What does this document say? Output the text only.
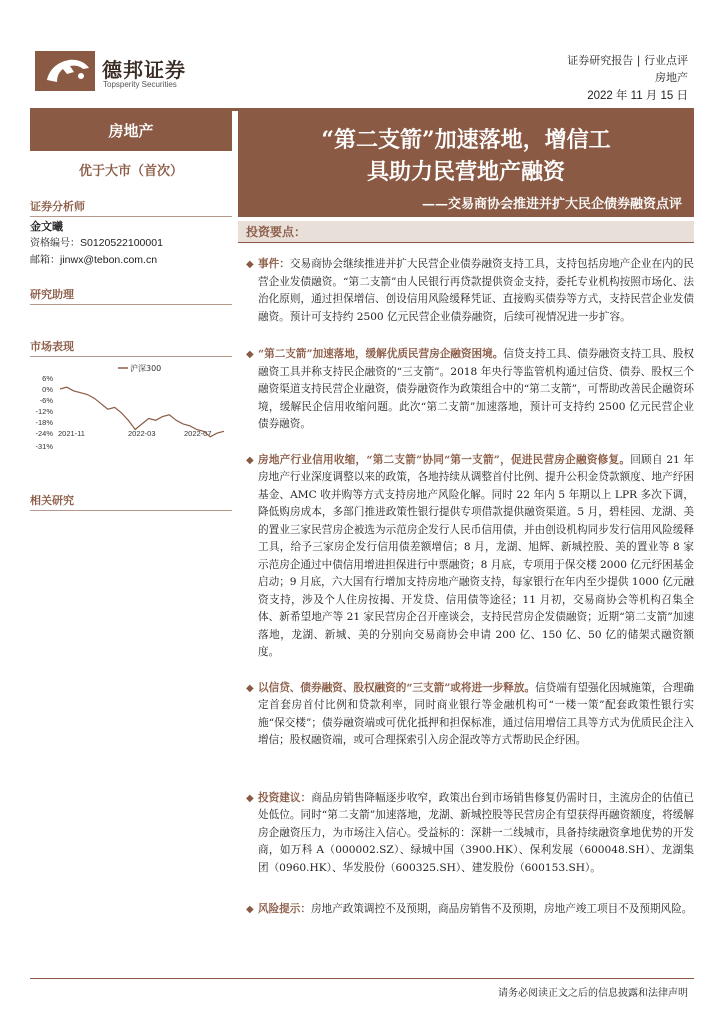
德邦证券
Topsperity Securities
证券研究报告 | 行业点评
房地产
2022 年 11 月 15 日
房地产
优于大市（首次）
证券分析师
金文曦
资格编号：S0120522100001
邮箱：jinwx@tebon.com.cn
研究助理
市场表现
6%
0%
-6%
-12%
-18%
-24%
-31%
2021-11	2022-03	2022-07
沪深300
相关研究
“第二支箭”加速落地，增信工
具助力民营地产融资
——交易商协会推进并扩大民企债券融资点评
投资要点：
◆ 事件：交易商协会继续推进并扩大民营企业债券融资支持工具，支持包括房地产企业在内的民营企业发债融资。“第二支箭”由人民银行再贷款提供资金支持，委托专业机构按照市场化、法治化原则，通过担保增信、创设信用风险缓释凭证、直接购买债券等方式，支持民营企业发债融资。预计可支持约 2500 亿元民营企业债券融资，后续可视情况进一步扩容。
◆ “第二支箭”加速落地，缓解优质民营房企融资困境。信贷支持工具、债券融资支持工具、股权融资工具并称支持民企融资的“三支箭”。2018 年央行等监管机构通过信贷、债券、股权三个融资渠道支持民营企业融资，债券融资作为政策组合中的“第二支箭”，可帮助改善民企融资环境，缓解民企信用收缩问题。此次“第二支箭”加速落地，预计可支持约 2500 亿元民营企业债券融资。
◆ 房地产行业信用收缩，“第二支箭”协同“第一支箭”，促进民营房企融资修复。回顾自 21 年房地产行业深度调整以来的政策，各地持续从调整首付比例、提升公积金贷款额度、地产纾困基金、AMC 收并购等方式支持房地产风险化解。同时 22 年内 5 年期以上 LPR 多次下调，降低购房成本，多部门推进政策性银行提供专项借款提供融资渠道。5 月，碧桂园、龙湖、美的置业三家民营房企被选为示范房企发行人民币信用债，并由创设机构同步发行信用风险缓释工具，给予三家房企发行信用债差额增信；8 月，龙湖、旭辉、新城控股、美的置业等 8 家示范房企通过中债信用增进担保进行中票融资；8 月底，专项用于保交楼 2000 亿元纾困基金启动；9 月底，六大国有行增加支持房地产融资支持，每家银行在年内至少提供 1000 亿元融资支持，涉及个人住房按揭、开发贷、信用债等途径；11 月初，交易商协会等机构召集全体、新希望地产等 21 家民营房企召开座谈会，支持民营房企发债融资；近期“第二支箭”加速落地，龙湖、新城、美的分别向交易商协会申请 200 亿、150 亿、50 亿的储架式融资额度。
◆ 以信贷、债券融资、股权融资的“三支箭”或将进一步释放。信贷端有望强化因城施策，合理确定首套房首付比例和贷款利率，同时商业银行等金融机构可“一楼一策”配套政策性银行实施“保交楼”；债券融资端或可优化抵押和担保标准，通过信用增信工具等方式为优质民企注入增信；股权融资端，或可合理探索引入房企混改等方式帮助民企纾困。
◆ 投资建议：商品房销售降幅逐步收窄，政策出台到市场销售修复仍需时日，主流房企的估值已处低位。同时“第二支箭”加速落地，龙湖、新城控股等民营房企有望获得再融资额度，将缓解房企融资压力，为市场注入信心。受益标的：深耕一二线城市，具备持续融资拿地优势的开发商，如万科 A（000002.SZ）、绿城中国（3900.HK）、保利发展（600048.SH）、龙湖集团（0960.HK）、华发股份（600325.SH）、建发股份（600153.SH）。
◆ 风险提示：房地产政策调控不及预期，商品房销售不及预期，房地产竣工项目不及预期风险。
请务必阅读正文之后的信息披露和法律声明
